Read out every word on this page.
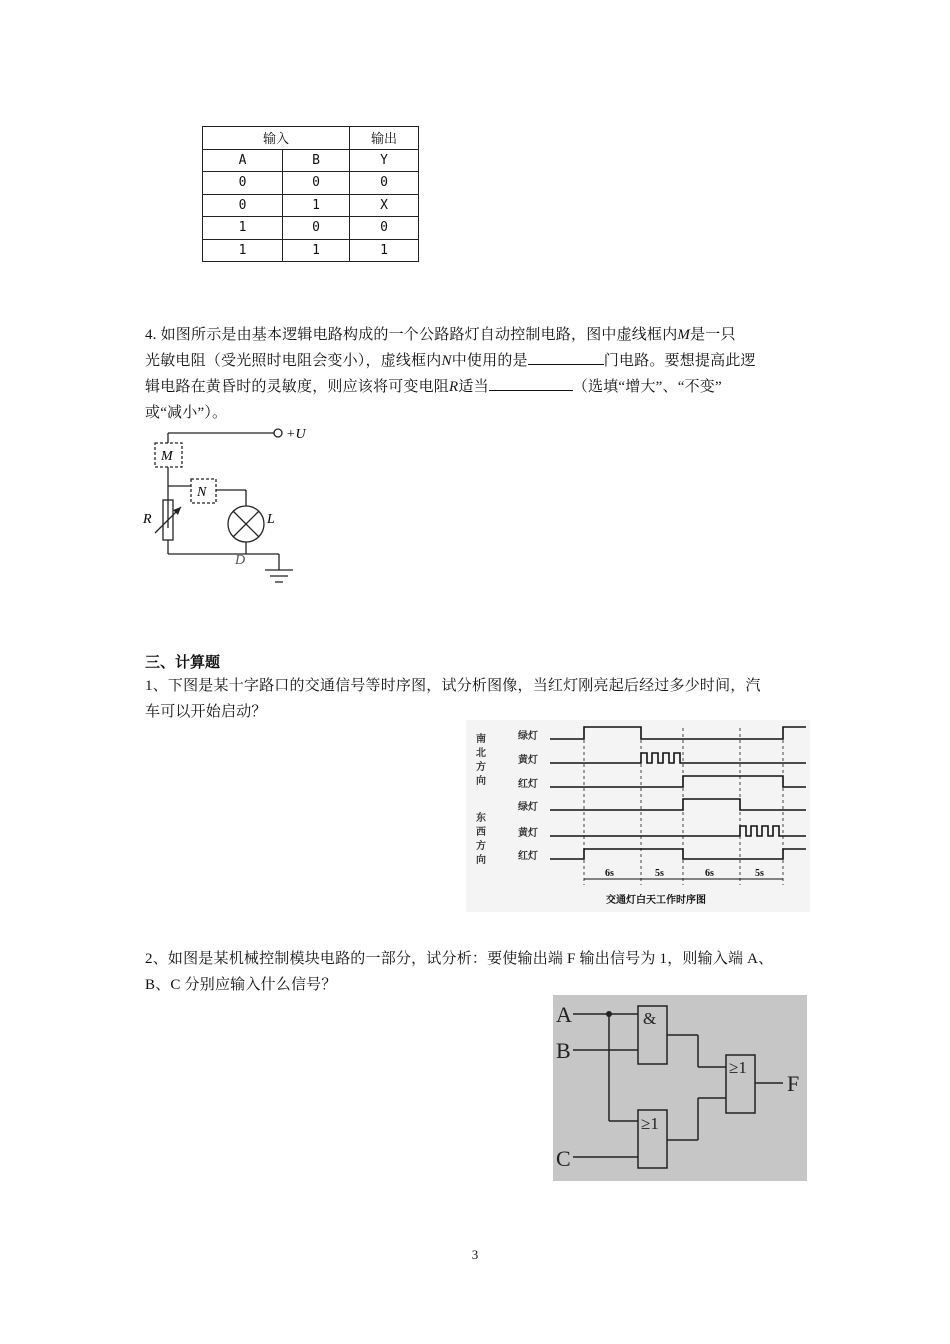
输入		输出
A	B	Y
0	0	0
0	1	X
1	0	0
1	1	1
4. 如图所示是由基本逻辑电路构成的一个公路路灯自动控制电路，图中虚线框内M是一只
光敏电阻（受光照时电阻会变小），虚线框内N中使用的是	门电路。要想提高此逻
辑电路在黄昏时的灵敏度，则应该将可变电阻R适当	（选填“增大”、“不变”
或“减小”）。
+U
M
N
R	L
D
三、计算题
1、下图是某十字路口的交通信号等时序图，试分析图像，当红灯刚亮起后经过多少时间，汽
车可以开始启动？
南
北
方
向
东
西
方
向
绿灯
黄灯
红灯
绿灯
黄灯
红灯
6s	5s	6s	5s
交通灯白天工作时序图
2、如图是某机械控制模块电路的一部分，试分析：要使输出端 F 输出信号为 1，则输入端 A、
B、C 分别应输入什么信号？
A
B
C
F
&
≥1
≥1
3
